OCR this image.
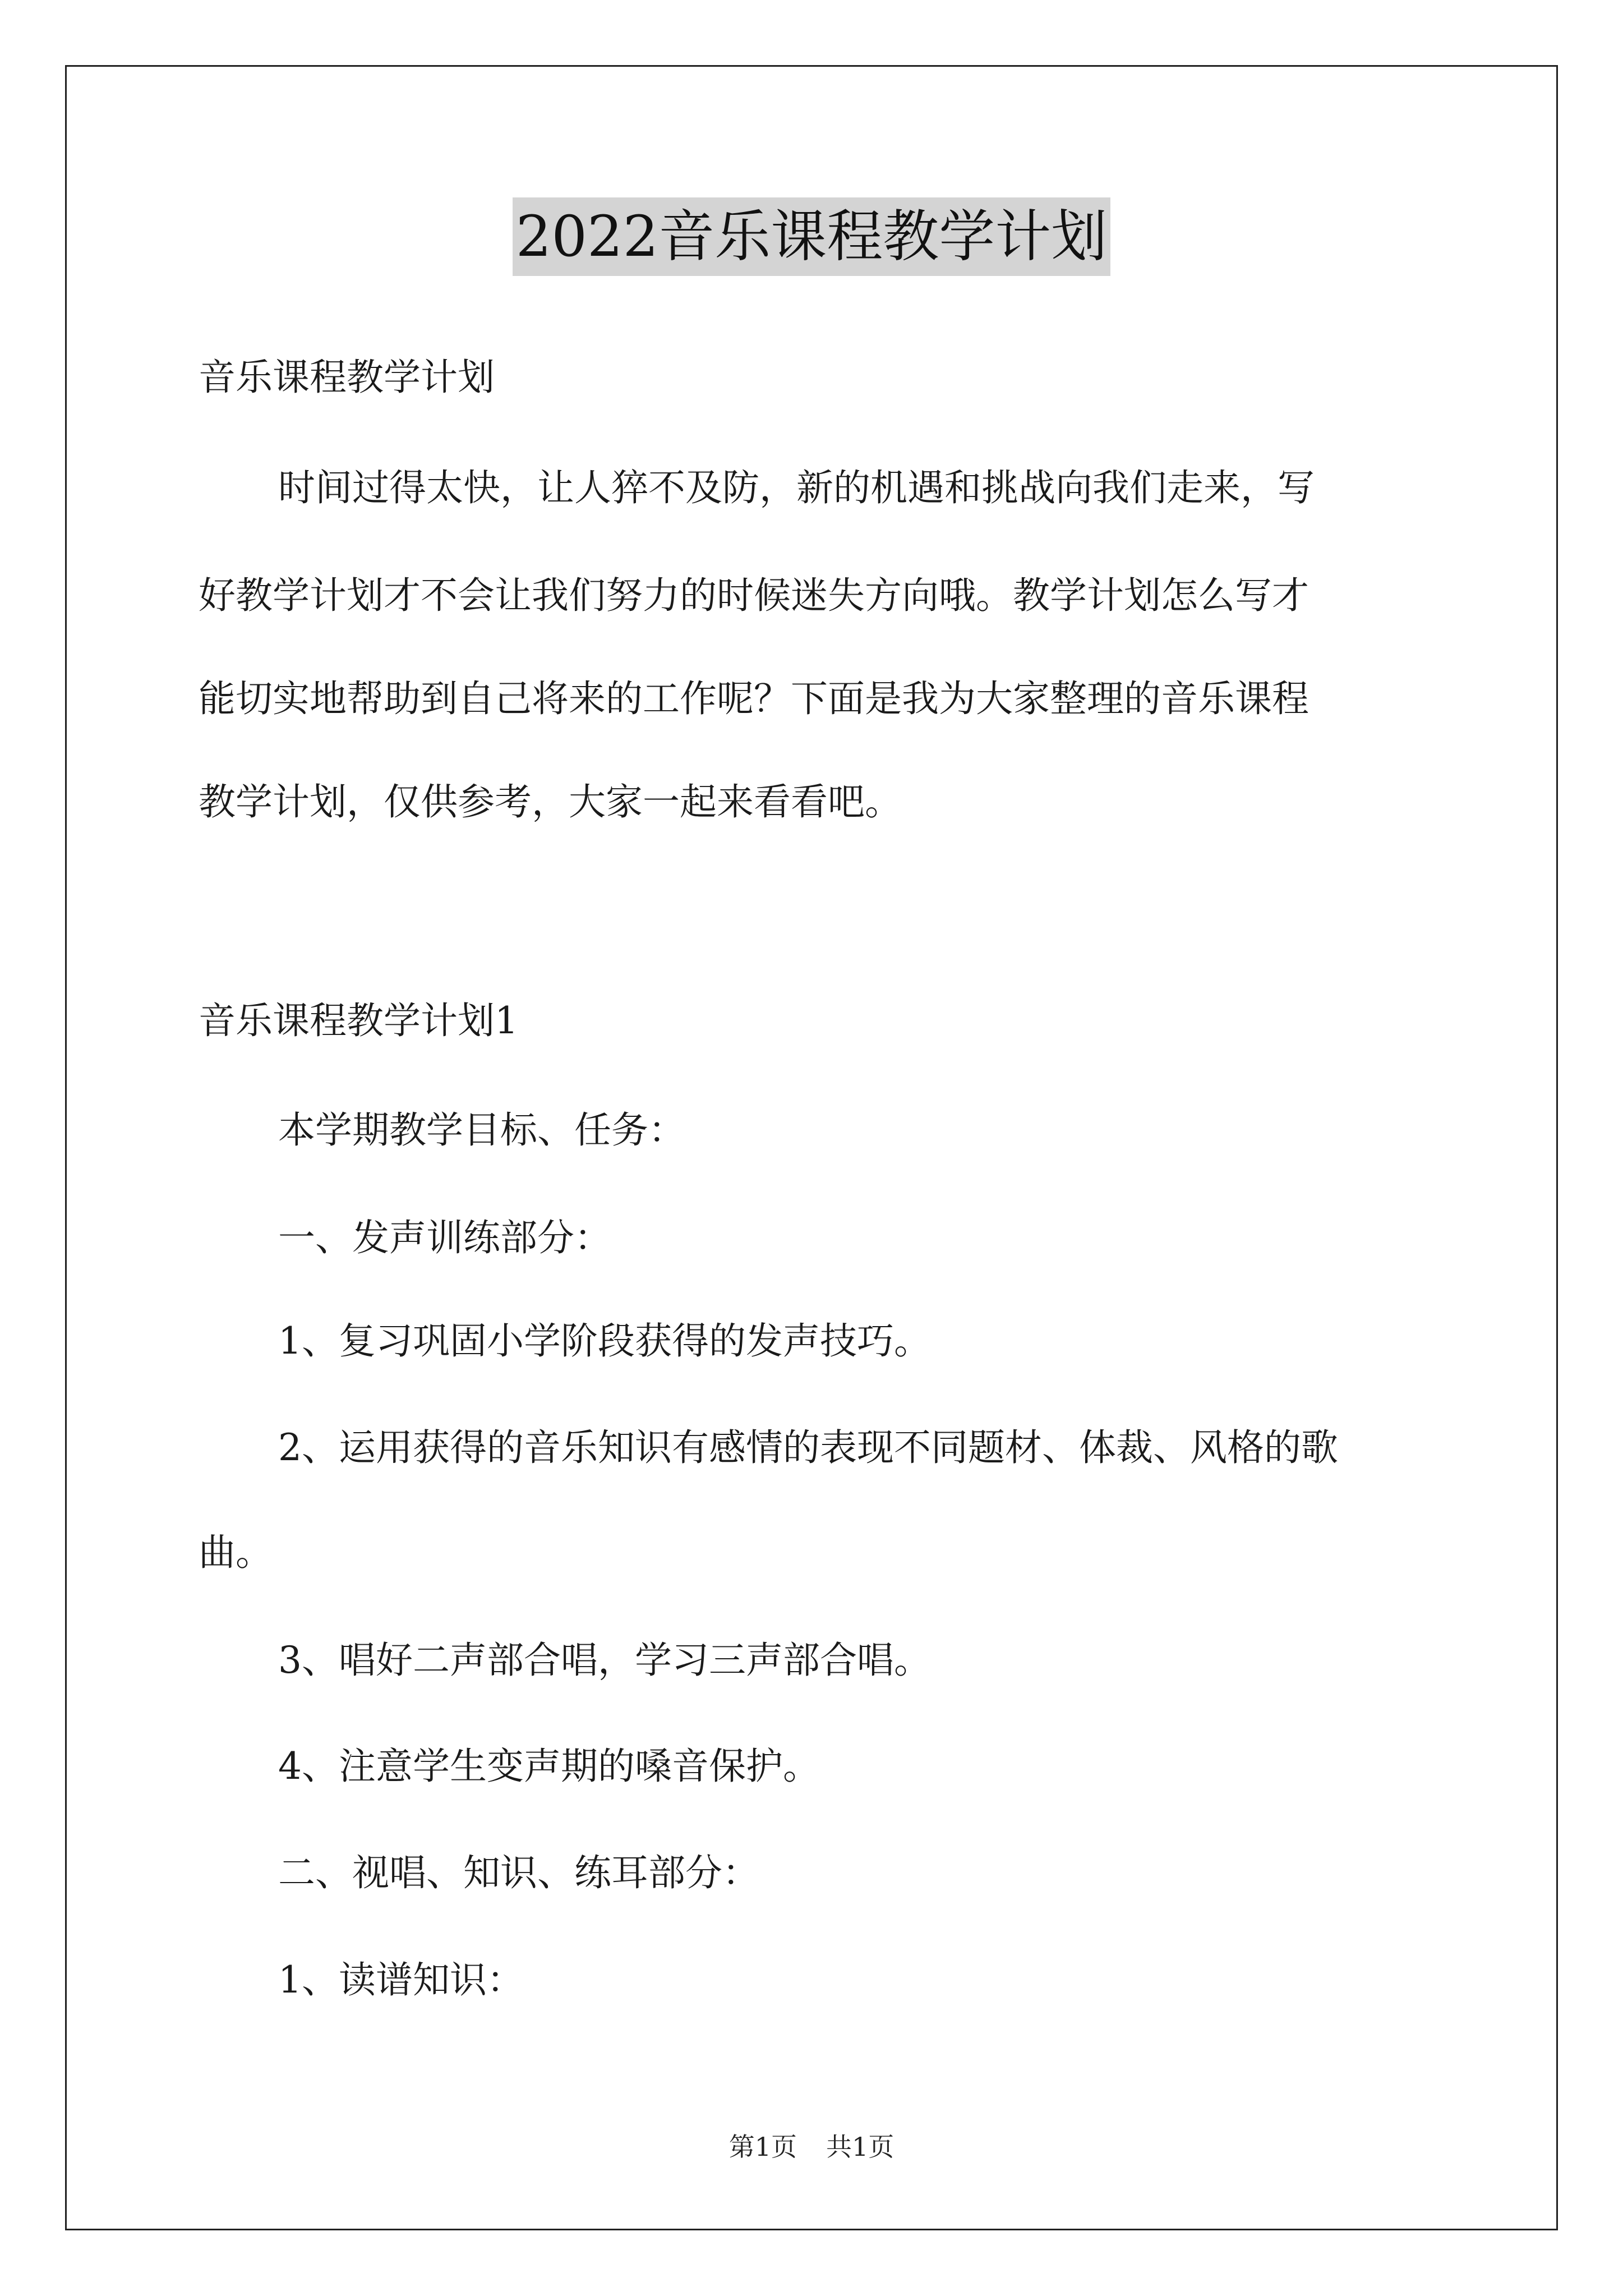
2022音乐课程教学计划
音乐课程教学计划
时间过得太快，让人猝不及防，新的机遇和挑战向我们走来，写
好教学计划才不会让我们努力的时候迷失方向哦。教学计划怎么写才
能切实地帮助到自己将来的工作呢？下面是我为大家整理的音乐课程
教学计划，仅供参考，大家一起来看看吧。
音乐课程教学计划1
本学期教学目标、任务：
一、发声训练部分：
1、复习巩固小学阶段获得的发声技巧。
2、运用获得的音乐知识有感情的表现不同题材、体裁、风格的歌
曲。
3、唱好二声部合唱，学习三声部合唱。
4、注意学生变声期的嗓音保护。
二、视唱、知识、练耳部分：
1、读谱知识：
第1页 共1页
